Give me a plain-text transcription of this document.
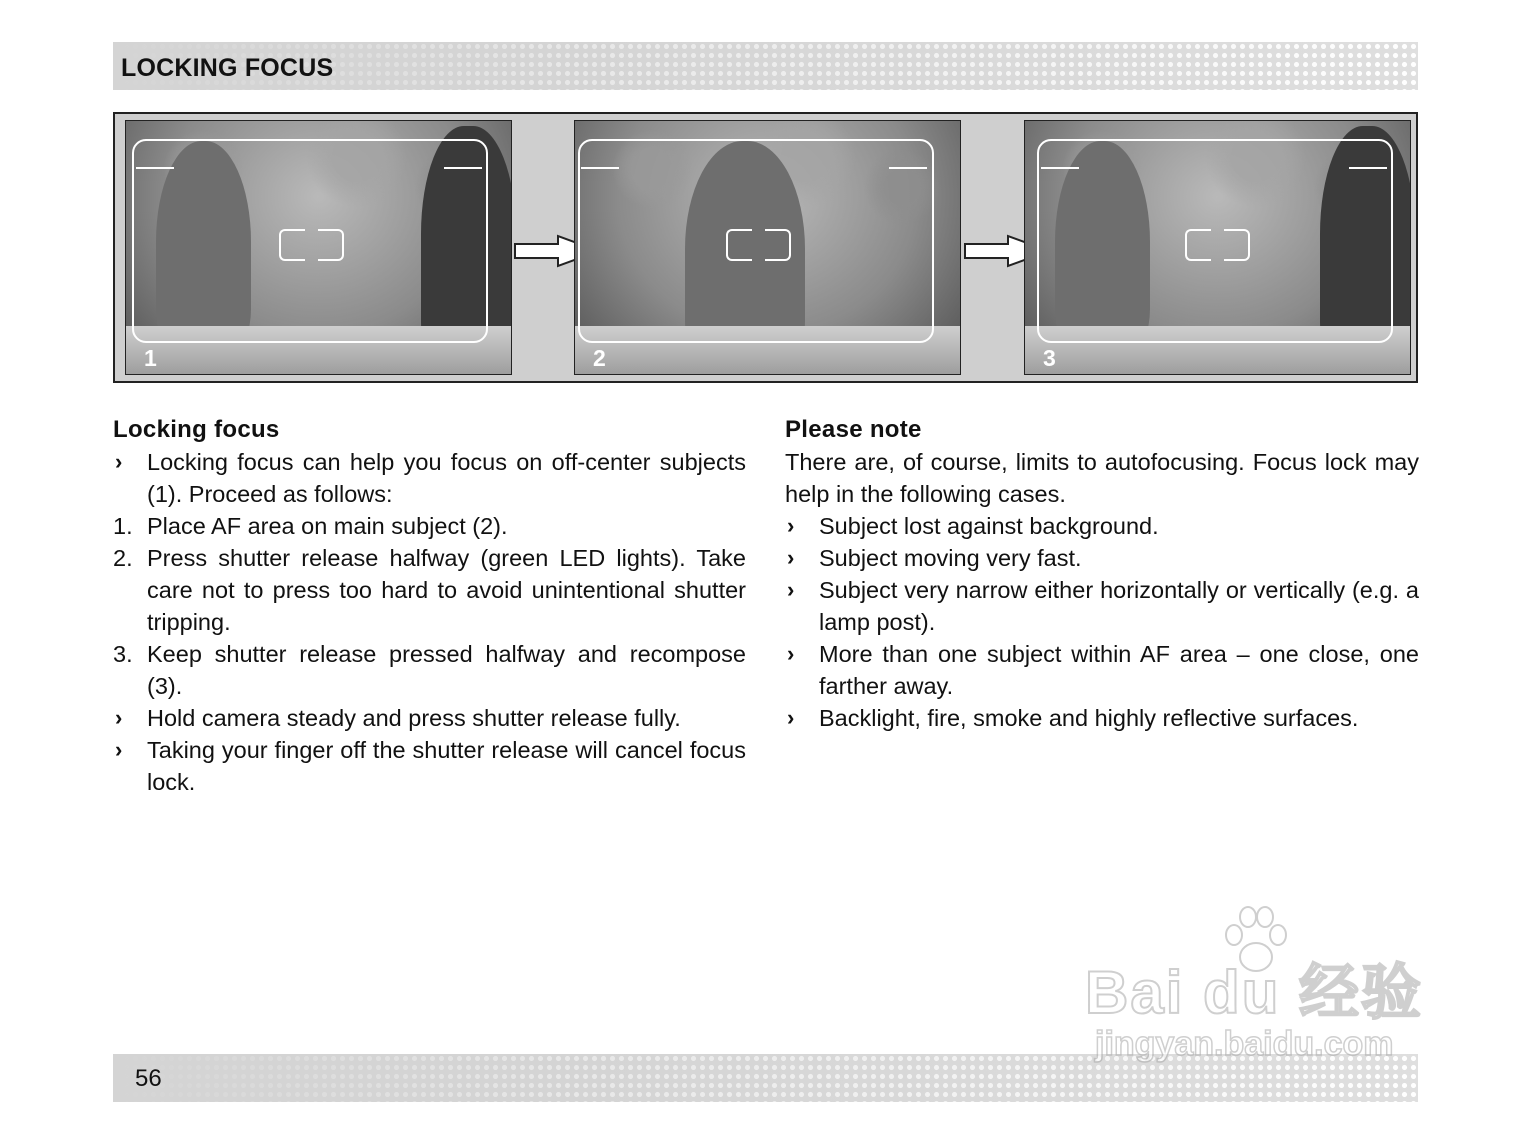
LOCKING FOCUS
1	2	3
Locking focus
› Locking focus can help you focus on off-center subjects (1). Proceed as follows:
1. Place AF area on main subject (2).
2. Press shutter release halfway (green LED lights). Take care not to press too hard to avoid unintentional shutter tripping.
3. Keep shutter release pressed halfway and recompose (3).
› Hold camera steady and press shutter release fully.
› Taking your finger off the shutter release will cancel focus lock.
Please note

There are, of course, limits to autofocusing. Focus lock may help in the following cases.

› Subject lost against background.
› Subject moving very fast.
› Subject very narrow either horizontally or vertically (e.g. a lamp post).
› More than one subject within AF area – one close, one farther away.
› Backlight, fire, smoke and highly reflective surfaces.
56
Bai du 经验
jingyan.baidu.com
